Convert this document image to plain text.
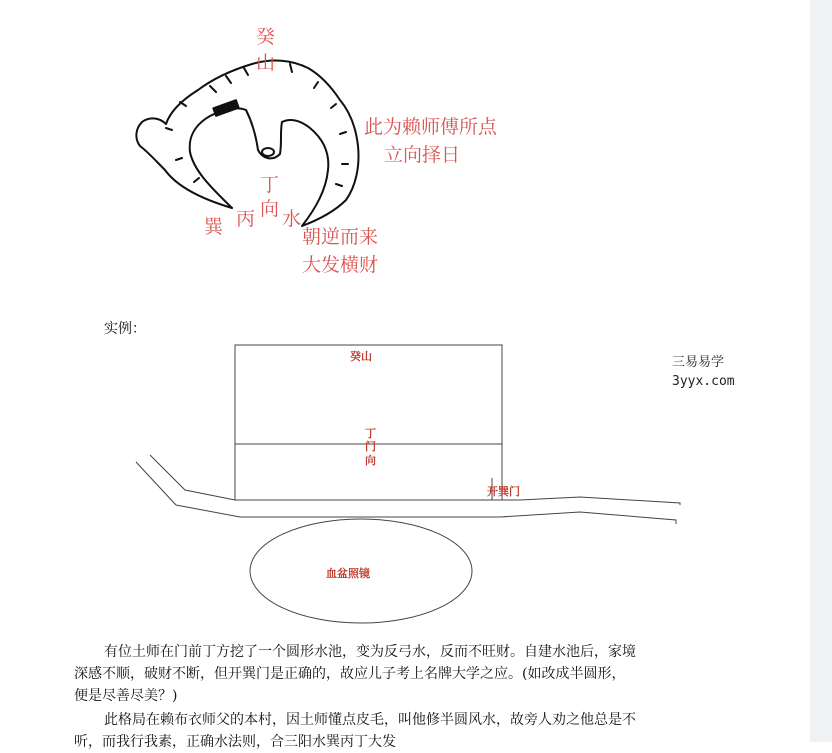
癸
山
此为赖师傅所点
立向择日
丁
向
巽 丙 水
朝逆而来
大发横财
实例：
癸山
丁
门
向
开巽门
血盆照镜
三易易学
3yyx.com
有位土师在门前丁方挖了一个圆形水池，变为反弓水，反而不旺财。自建水池后，家境
深感不顺，破财不断，但开巽门是正确的，故应儿子考上名牌大学之应。(如改成半圆形，
便是尽善尽美？)
此格局在赖布衣师父的本村，因土师懂点皮毛，叫他修半圆风水，故旁人劝之他总是不
听，而我行我素，正确水法则，合三阳水巽丙丁大发
